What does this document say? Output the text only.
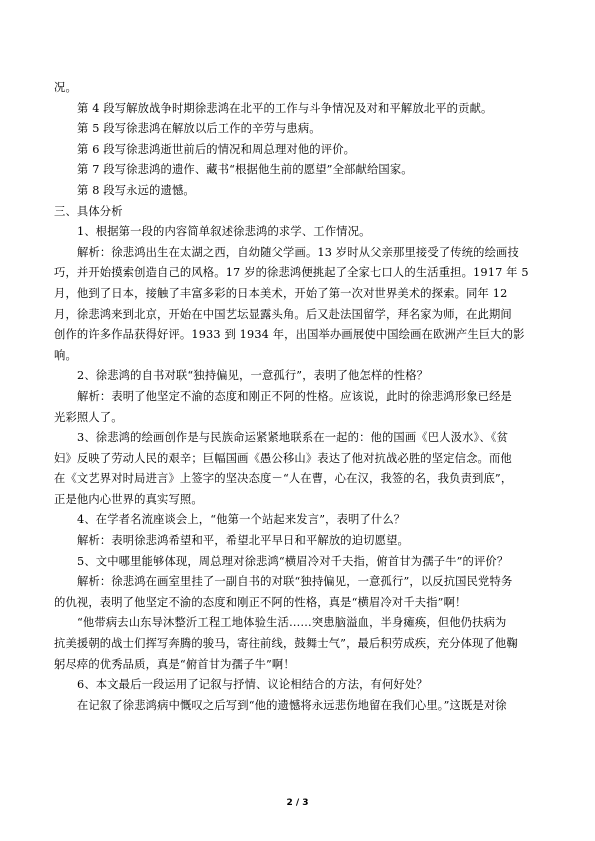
况。
第 4 段写解放战争时期徐悲鸿在北平的工作与斗争情况及对和平解放北平的贡献。
第 5 段写徐悲鸿在解放以后工作的辛劳与患病。
第 6 段写徐悲鸿逝世前后的情况和周总理对他的评价。
第 7 段写徐悲鸿的遗作、藏书“根据他生前的愿望”全部献给国家。
第 8 段写永远的遗憾。
三、具体分析
1、根据第一段的内容简单叙述徐悲鸿的求学、工作情况。
解析：徐悲鸿出生在太湖之西，自幼随父学画。13 岁时从父亲那里接受了传统的绘画技
巧，并开始摸索创造自己的风格。17 岁的徐悲鸿便挑起了全家七口人的生活重担。1917 年 5
月，他到了日本，接触了丰富多彩的日本美术，开始了第一次对世界美术的探索。同年 12
月，徐悲鸿来到北京，开始在中国艺坛显露头角。后又赴法国留学，拜名家为师，在此期间
创作的许多作品获得好评。1933 到 1934 年，出国举办画展使中国绘画在欧洲产生巨大的影
响。
2、徐悲鸿的自书对联“独持偏见，一意孤行”，表明了他怎样的性格？
解析：表明了他坚定不渝的态度和刚正不阿的性格。应该说，此时的徐悲鸿形象已经是
光彩照人了。
3、徐悲鸿的绘画创作是与民族命运紧紧地联系在一起的：他的国画《巴人汲水》、《贫
妇》反映了劳动人民的艰辛；巨幅国画《愚公移山》表达了他对抗战必胜的坚定信念。而他
在《文艺界对时局进言》上签字的坚决态度－“人在曹，心在汉，我签的名，我负责到底”，
正是他内心世界的真实写照。
4、在学者名流座谈会上，“他第一个站起来发言”，表明了什么？
解析：表明徐悲鸿希望和平，希望北平早日和平解放的迫切愿望。
5、文中哪里能够体现，周总理对徐悲鸿“横眉冷对千夫指，俯首甘为孺子牛”的评价？
解析：徐悲鸿在画室里挂了一副自书的对联“独持偏见，一意孤行”，以反抗国民党特务
的仇视，表明了他坚定不渝的态度和刚正不阿的性格，真是“横眉冷对千夫指”啊！
“他带病去山东导沐整沂工程工地体验生活……突患脑溢血，半身瘫痪，但他仍扶病为
抗美援朝的战士们挥写奔腾的骏马，寄往前线，鼓舞士气”，最后积劳成疾，充分体现了他鞠
躬尽瘁的优秀品质，真是“俯首甘为孺子牛”啊！
6、本文最后一段运用了记叙与抒情、议论相结合的方法，有何好处？
在记叙了徐悲鸿病中慨叹之后写到“他的遗憾将永远悲伤地留在我们心里。”这既是对徐
2 / 3
